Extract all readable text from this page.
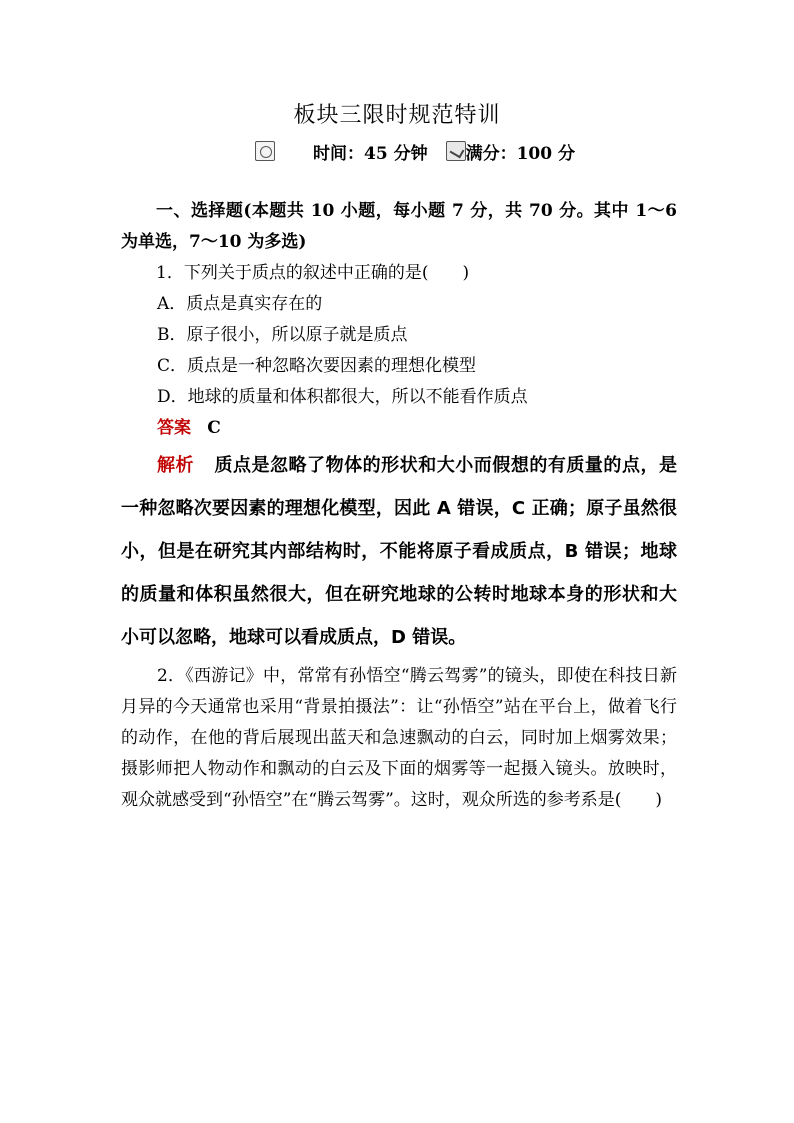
板块三限时规范特训
时间：45 分钟 满分：100 分

一、选择题(本题共 10 小题，每小题 7 分，共 70 分。其中 1～6 为单选，7～10 为多选)

1．下列关于质点的叙述中正确的是(　　)

A．质点是真实存在的

B．原子很小，所以原子就是质点

C．质点是一种忽略次要因素的理想化模型

D．地球的质量和体积都很大，所以不能看作质点

答案 C

解析 质点是忽略了物体的形状和大小而假想的有质量的点，是一种忽略次要因素的理想化模型，因此 A 错误，C 正确；原子虽然很小，但是在研究其内部结构时，不能将原子看成质点，B 错误；地球的质量和体积虽然很大，但在研究地球的公转时地球本身的形状和大小可以忽略，地球可以看成质点，D 错误。

2．《西游记》中，常常有孙悟空“腾云驾雾”的镜头，即使在科技日新月异的今天通常也采用“背景拍摄法”：让“孙悟空”站在平台上，做着飞行的动作，在他的背后展现出蓝天和急速飘动的白云，同时加上烟雾效果；摄影师把人物动作和飘动的白云及下面的烟雾等一起摄入镜头。放映时，观众就感受到“孙悟空”在“腾云驾雾”。这时，观众所选的参考系是(　　)
